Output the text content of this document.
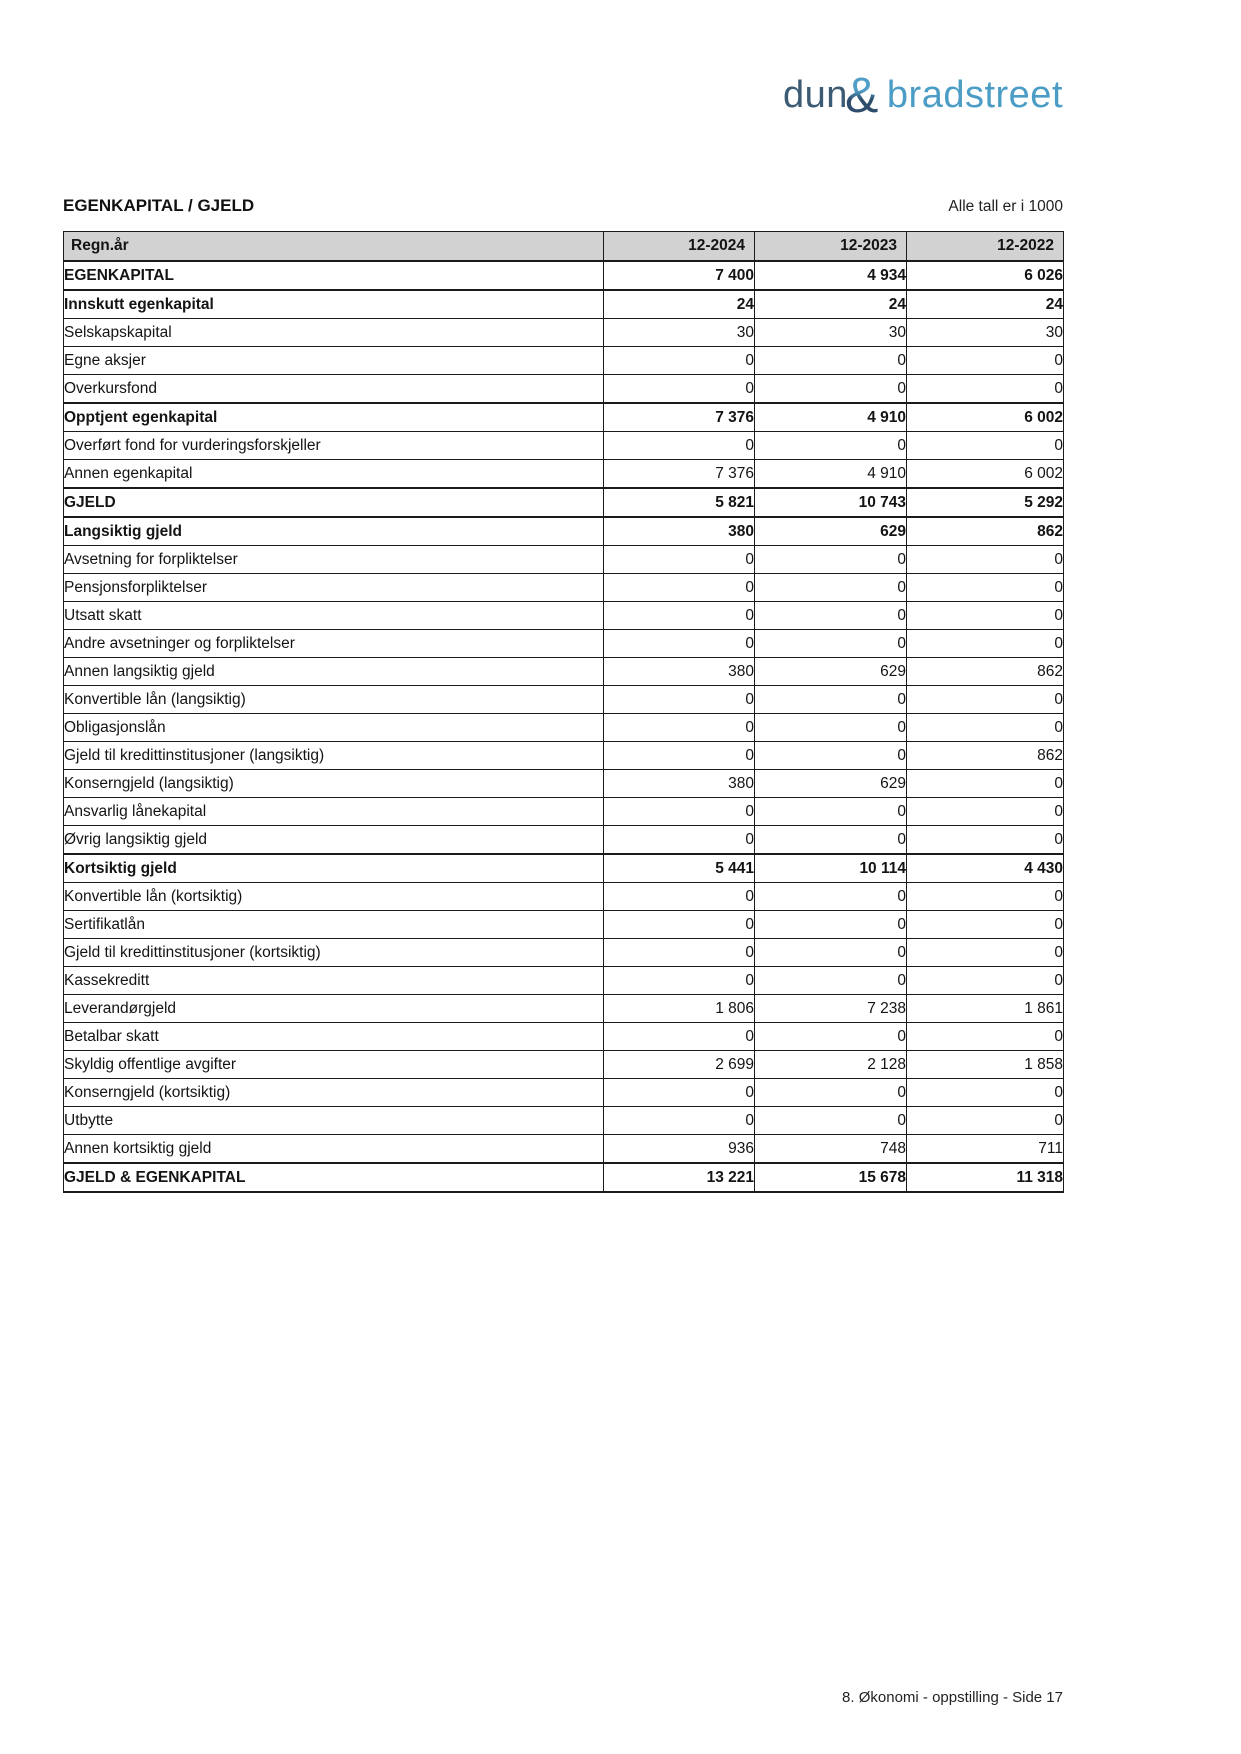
dun
& bradstreet
EGENKAPITAL / GJELD	Alle tall er i 1000
Regn.år	12-2024	12-2023	12-2022
EGENKAPITAL	7 400	4 934	6 026
Innskutt egenkapital	24	24	24
Selskapskapital	30	30	30
Egne aksjer	0	0	0
Overkursfond	0	0	0
Opptjent egenkapital	7 376	4 910	6 002
Overført fond for vurderingsforskjeller	0	0	0
Annen egenkapital	7 376	4 910	6 002
GJELD	5 821	10 743	5 292
Langsiktig gjeld	380	629	862
Avsetning for forpliktelser	0	0	0
Pensjonsforpliktelser	0	0	0
Utsatt skatt	0	0	0
Andre avsetninger og forpliktelser	0	0	0
Annen langsiktig gjeld	380	629	862
Konvertible lån (langsiktig)	0	0	0
Obligasjonslån	0	0	0
Gjeld til kredittinstitusjoner (langsiktig)	0	0	862
Konserngjeld (langsiktig)	380	629	0
Ansvarlig lånekapital	0	0	0
Øvrig langsiktig gjeld	0	0	0
Kortsiktig gjeld	5 441	10 114	4 430
Konvertible lån (kortsiktig)	0	0	0
Sertifikatlån	0	0	0
Gjeld til kredittinstitusjoner (kortsiktig)	0	0	0
Kassekreditt	0	0	0
Leverandørgjeld	1 806	7 238	1 861
Betalbar skatt	0	0	0
Skyldig offentlige avgifter	2 699	2 128	1 858
Konserngjeld (kortsiktig)	0	0	0
Utbytte	0	0	0
Annen kortsiktig gjeld	936	748	711
GJELD & EGENKAPITAL	13 221	15 678	11 318
8. Økonomi - oppstilling - Side 17
